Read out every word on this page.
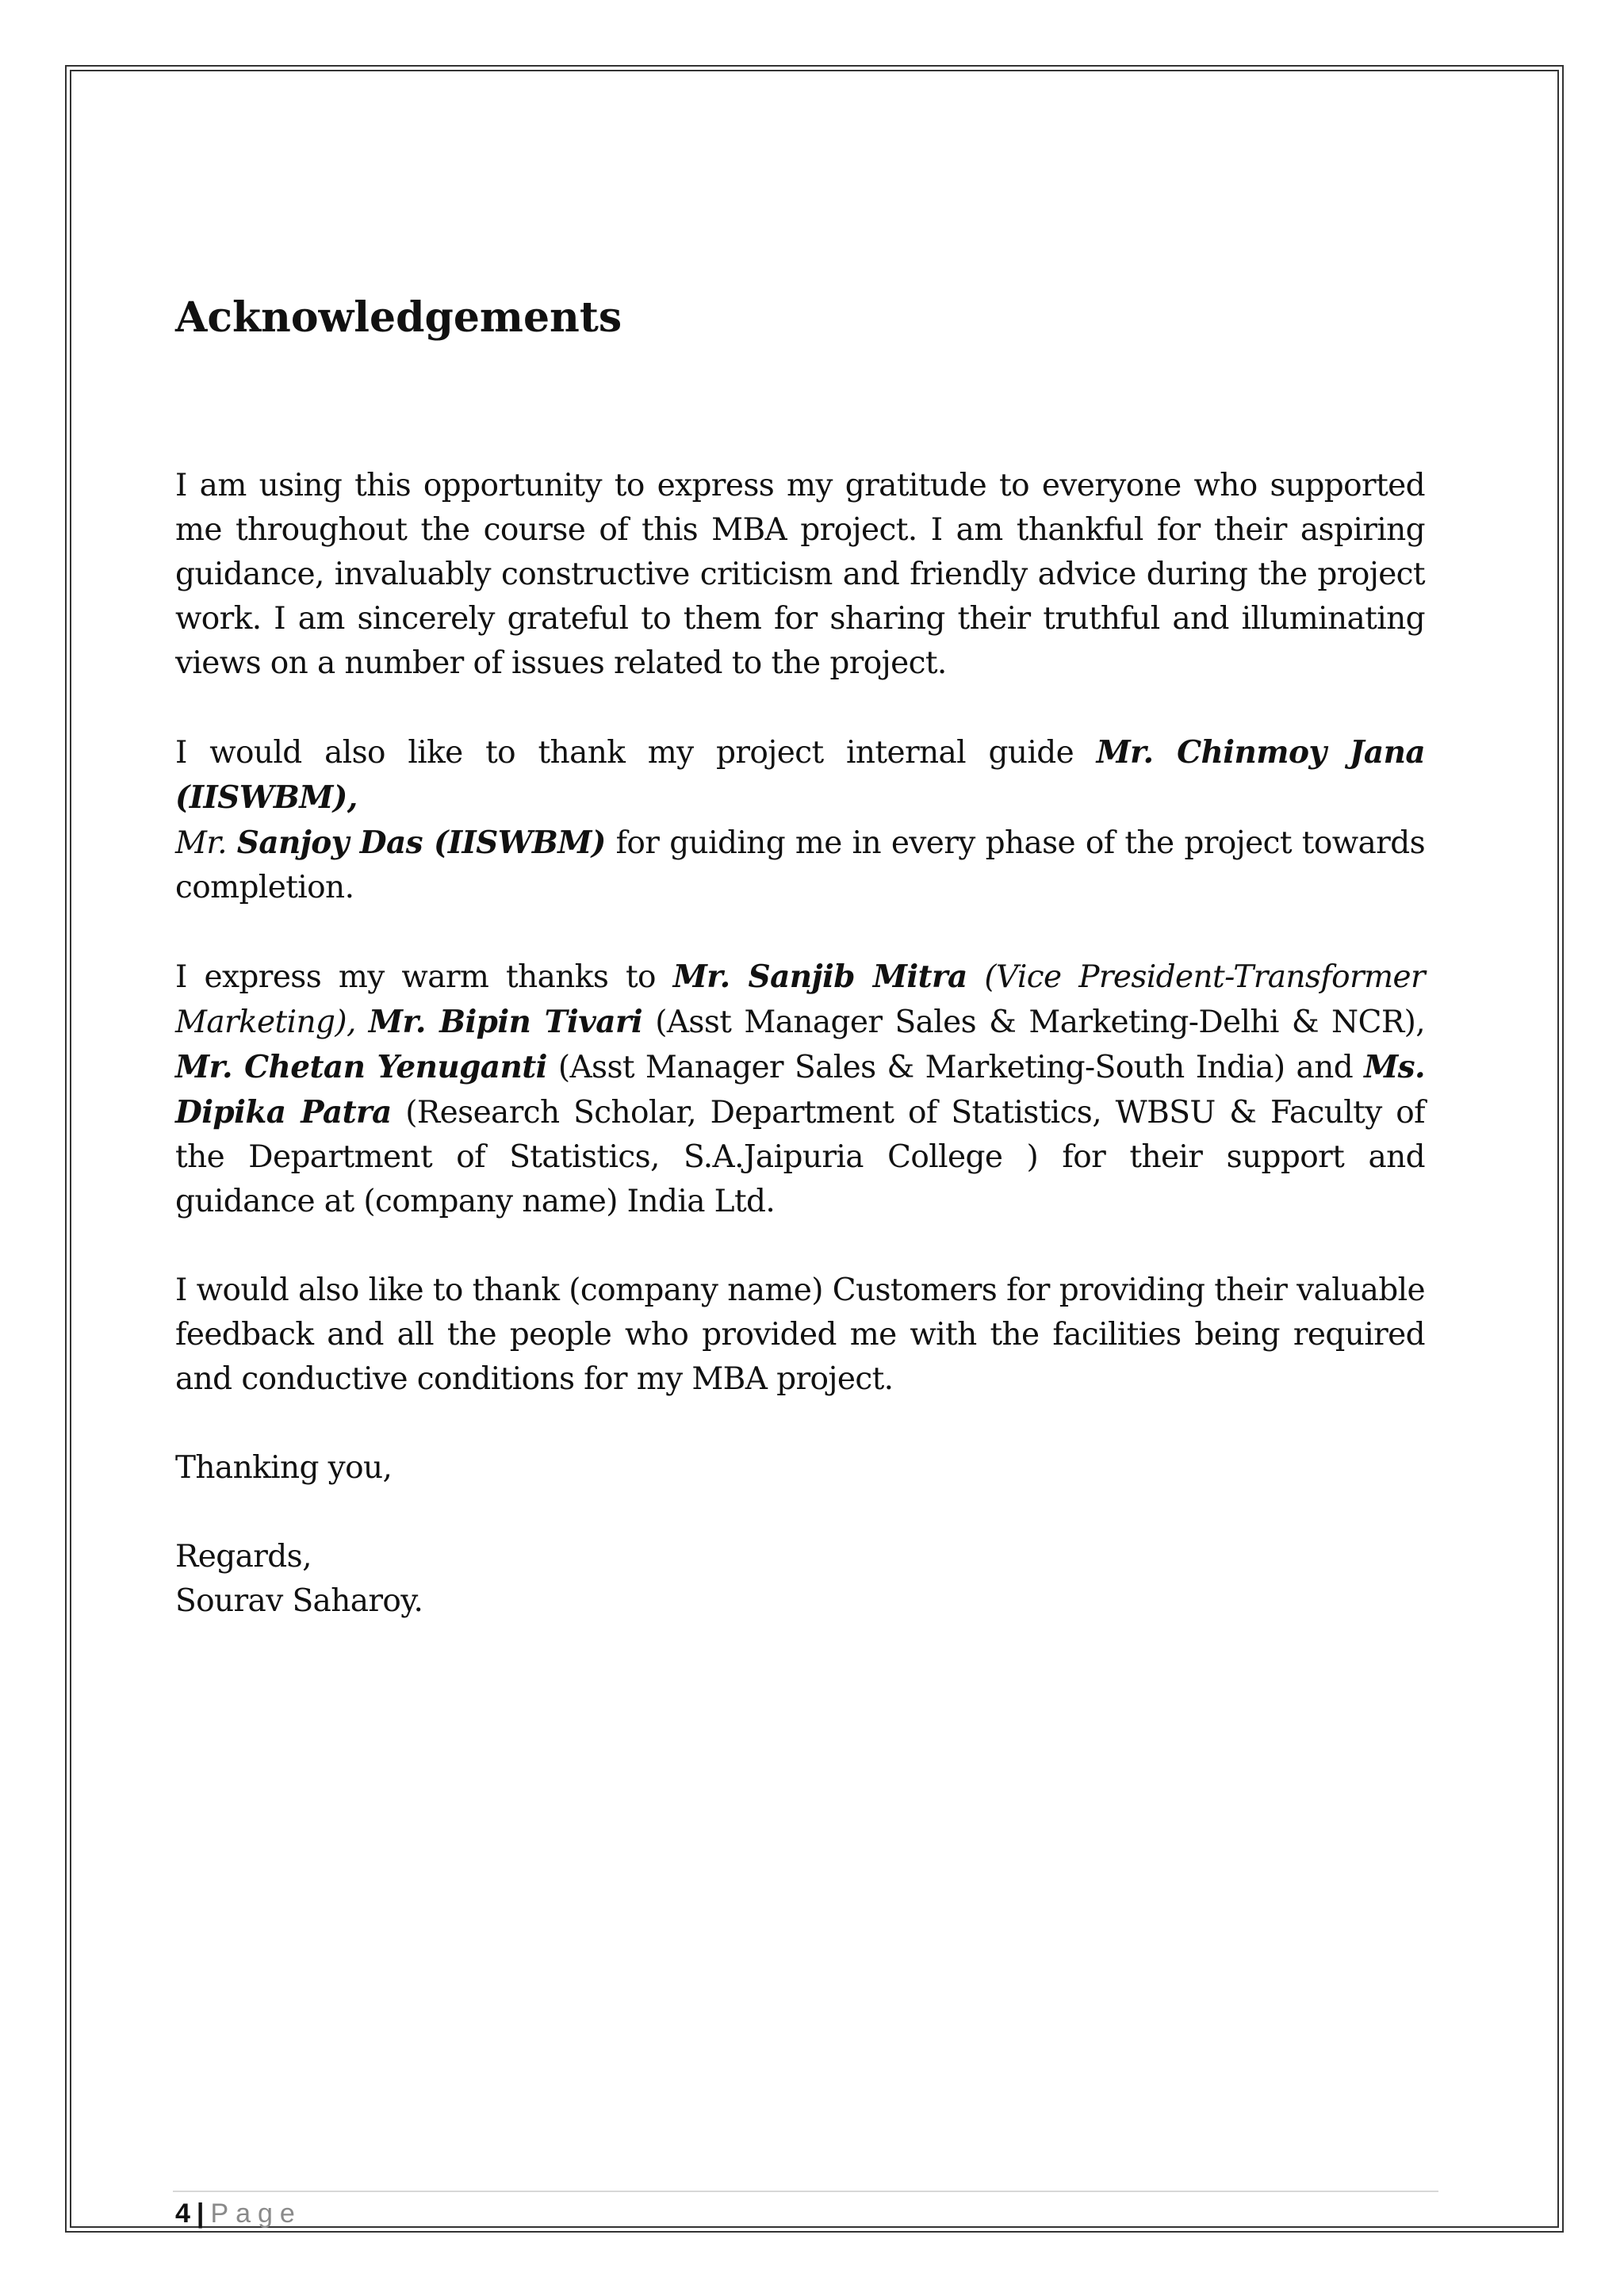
Acknowledgements

I am using this opportunity to express my gratitude to everyone who supported me throughout the course of this MBA project. I am thankful for their aspiring guidance, invaluably constructive criticism and friendly advice during the project work. I am sincerely grateful to them for sharing their truthful and illuminating views on a number of issues related to the project.

I would also like to thank my project internal guide Mr. Chinmoy Jana (IISWBM),
Mr. Sanjoy Das (IISWBM) for guiding me in every phase of the project towards completion.

I express my warm thanks to Mr. Sanjib Mitra (Vice President-Transformer Marketing), Mr. Bipin Tivari (Asst Manager Sales & Marketing-Delhi & NCR), Mr. Chetan Yenuganti (Asst Manager Sales & Marketing-South India) and Ms. Dipika Patra (Research Scholar, Department of Statistics, WBSU & Faculty of the Department of Statistics, S.A.Jaipuria College ) for their support and guidance at (company name) India Ltd.

I would also like to thank (company name) Customers for providing their valuable feedback and all the people who provided me with the facilities being required and conductive conditions for my MBA project.

Thanking you,

Regards,

Sourav Saharoy.

4 | Page
